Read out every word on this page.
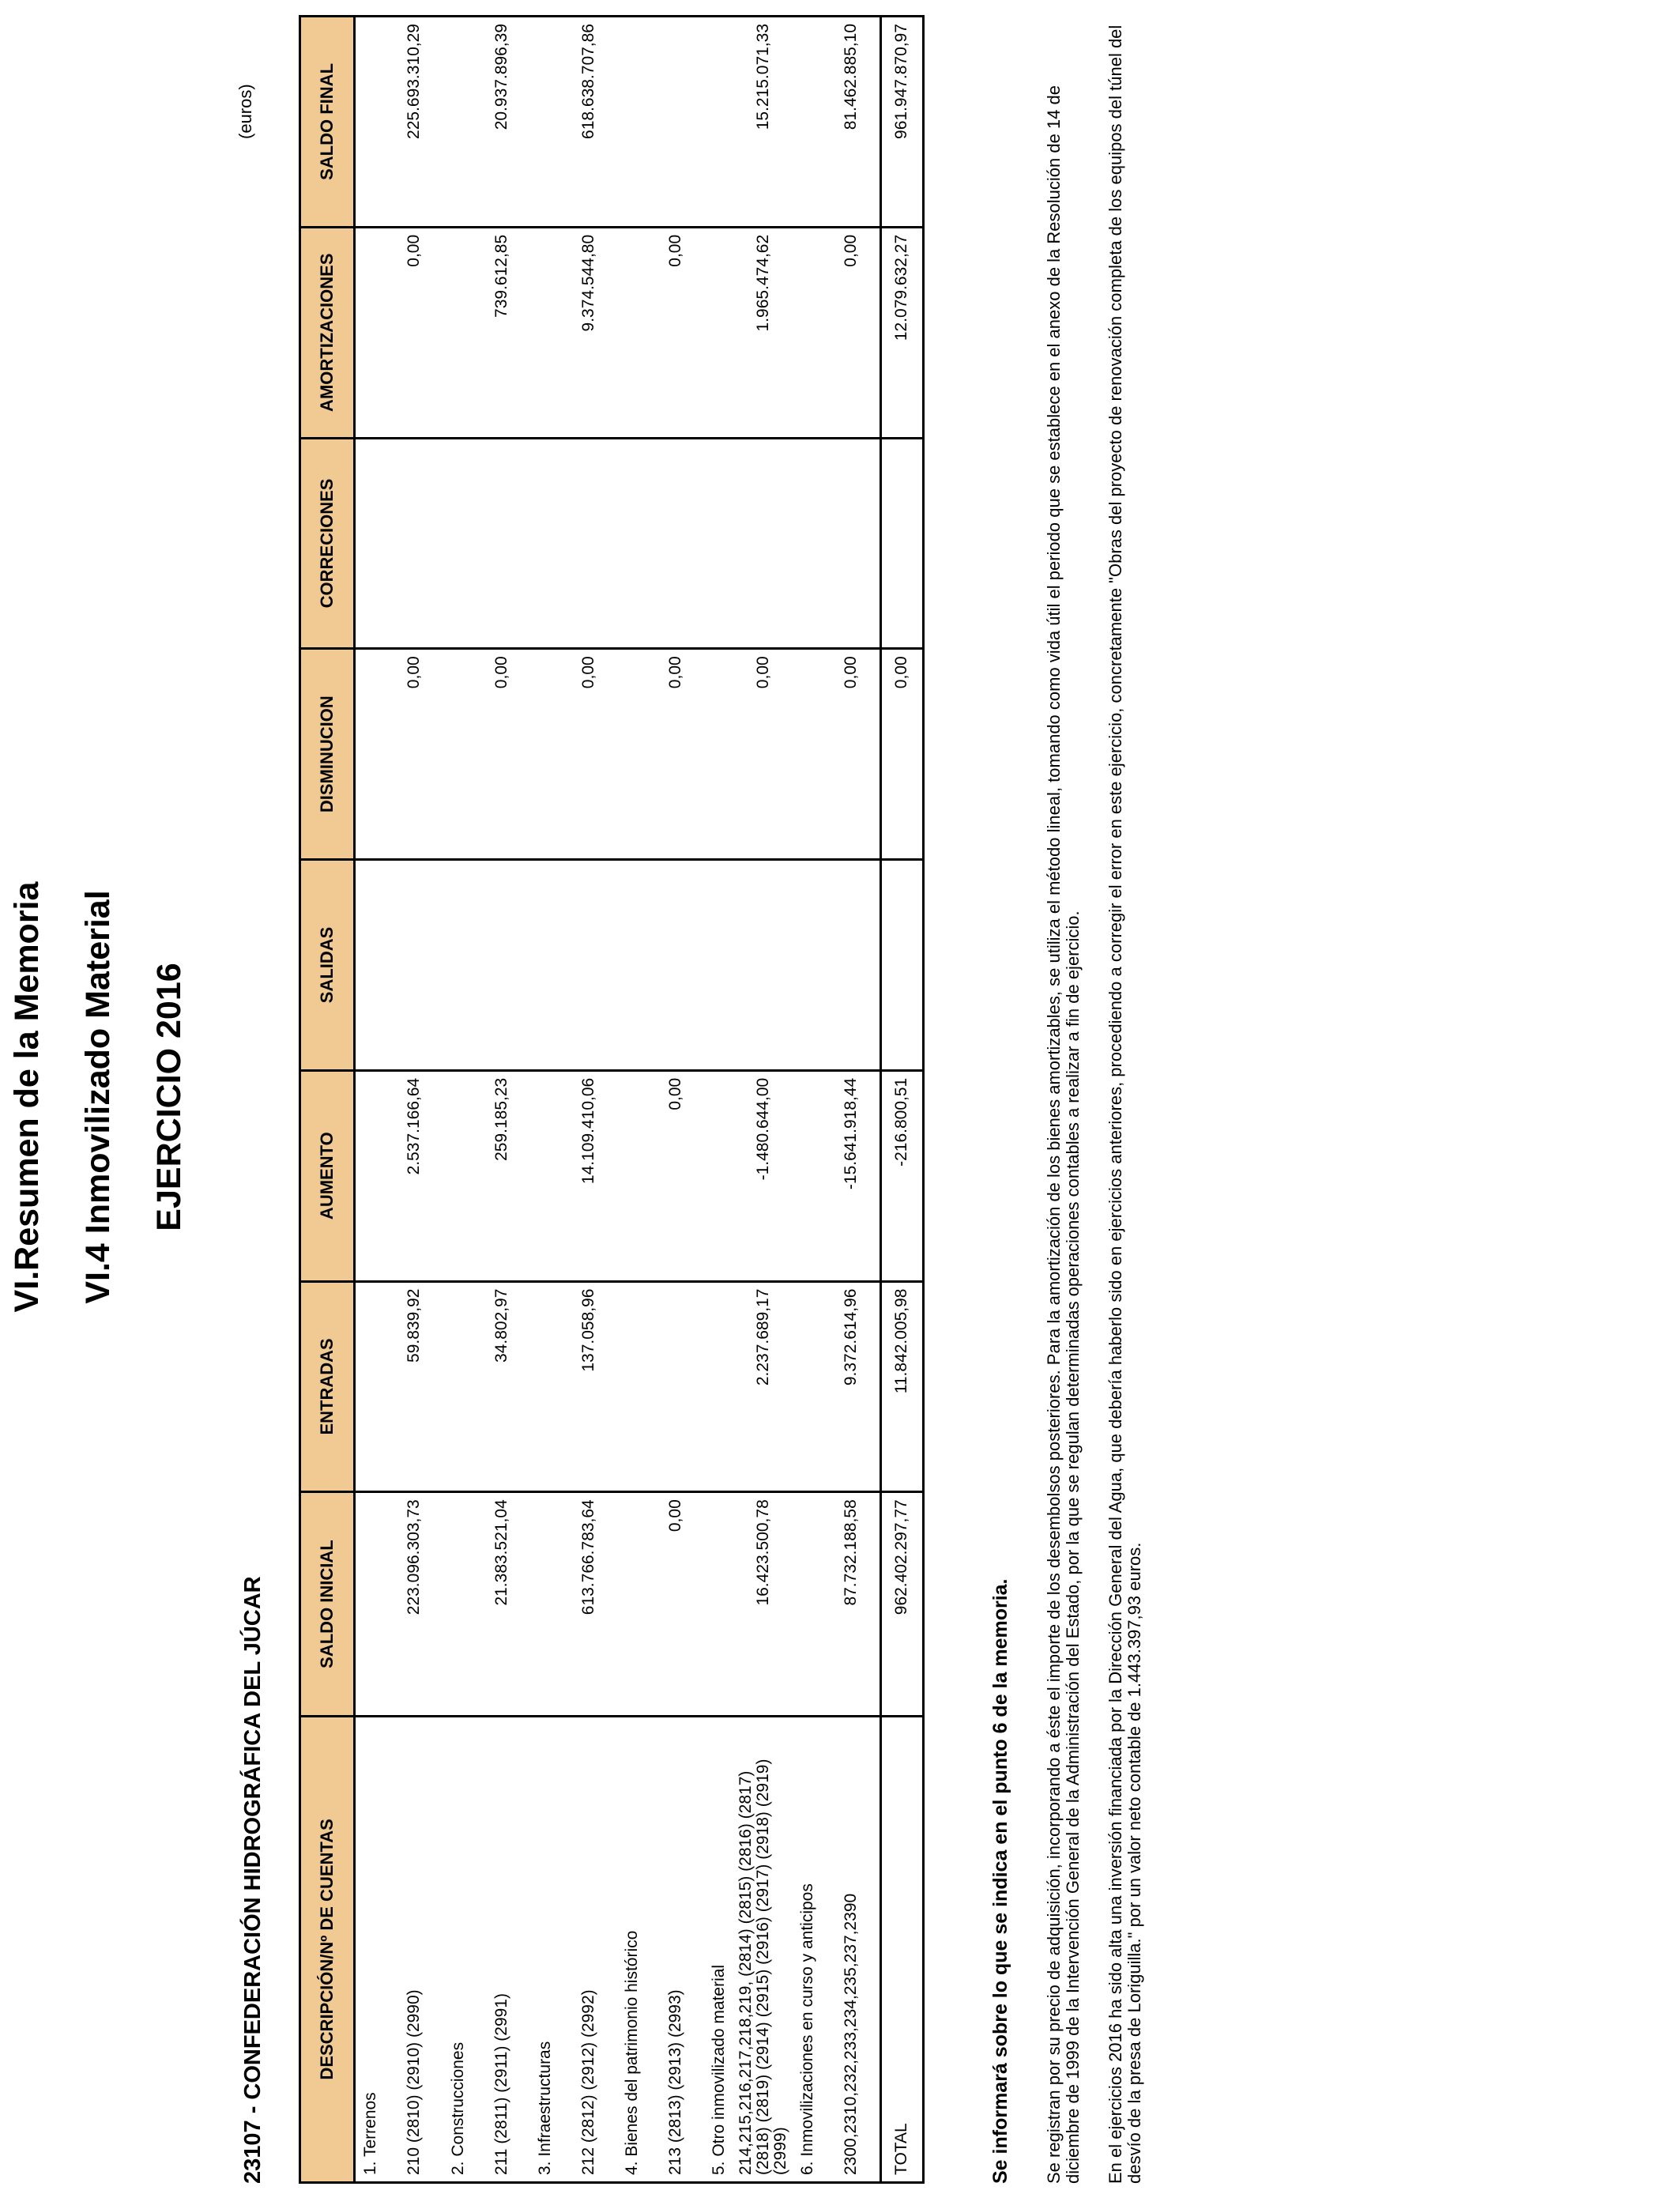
VI.Resumen de la Memoria VI.4 Inmovilizado Material EJERCICIO 2016
(euros)
23107 - CONFEDERACIÓN HIDROGRÁFICA DEL JÚCAR	DESCRIPCIÓN/Nº DE CUENTAS	SALDO INICIAL	ENTRADAS	AUMENTO	SALIDAS	DISMINUCION	CORRECIONES	AMORTIZACIONES	SALDO FINAL
1. Terrenos								
210 (2810) (2910) (2990)	223.096.303,73	59.839,92	2.537.166,64		0,00		0,00	225.693.310,29
2. Construcciones								
211 (2811) (2911) (2991)	21.383.521,04	34.802,97	259.185,23		0,00		739.612,85	20.937.896,39
3. Infraestructuras								
212 (2812) (2912) (2992)	613.766.783,64	137.058,96	14.109.410,06		0,00		9.374.544,80	618.638.707,86
4. Bienes del patrimonio histórico								
213 (2813) (2913) (2993)	0,00		0,00		0,00		0,00	
5. Otro inmovilizado material								
214,215,216,217,218,219, (2814) (2815) (2816) (2817) (2818) (2819) (2914) (2915) (2916) (2917) (2918) (2919) (2999)	16.423.500,78	2.237.689,17	-1.480.644,00		0,00		1.965.474,62	15.215.071,33
6. Inmovilizaciones en curso y anticipos								
2300,2310,232,233,234,235,237,2390	87.732.188,58	9.372.614,96	-15.641.918,44		0,00		0,00	81.462.885,10
TOTAL	962.402.297,77	11.842.005,98	-216.800,51		0,00		12.079.632,27	961.947.870,97
Se informará sobre lo que se indica en el punto 6 de la memoria. Se registran por su precio de adquisición, incorporando a éste el importe de los desembolsos posteriores. Para la amortización de los bienes amortizables, se utiliza el método lineal, tomando como vida útil el periodo que se establece en el anexo de la Resolución de 14 de diciembre de 1999 de la Intervención General de la Administración del Estado, por la que se regulan determinadas operaciones contables a realizar a fin de ejercicio. En el ejercicios 2016 ha sido alta una inversión financiada por la Dirección General del Agua, que debería haberlo sido en ejercicios anteriores, procediendo a corregir el error en este ejercicio, concretamente "Obras del proyecto de renovación completa de los equipos del túnel del desvío de la presa de Loriguilla." por un valor neto contable de 1.443.397,93 euros.
